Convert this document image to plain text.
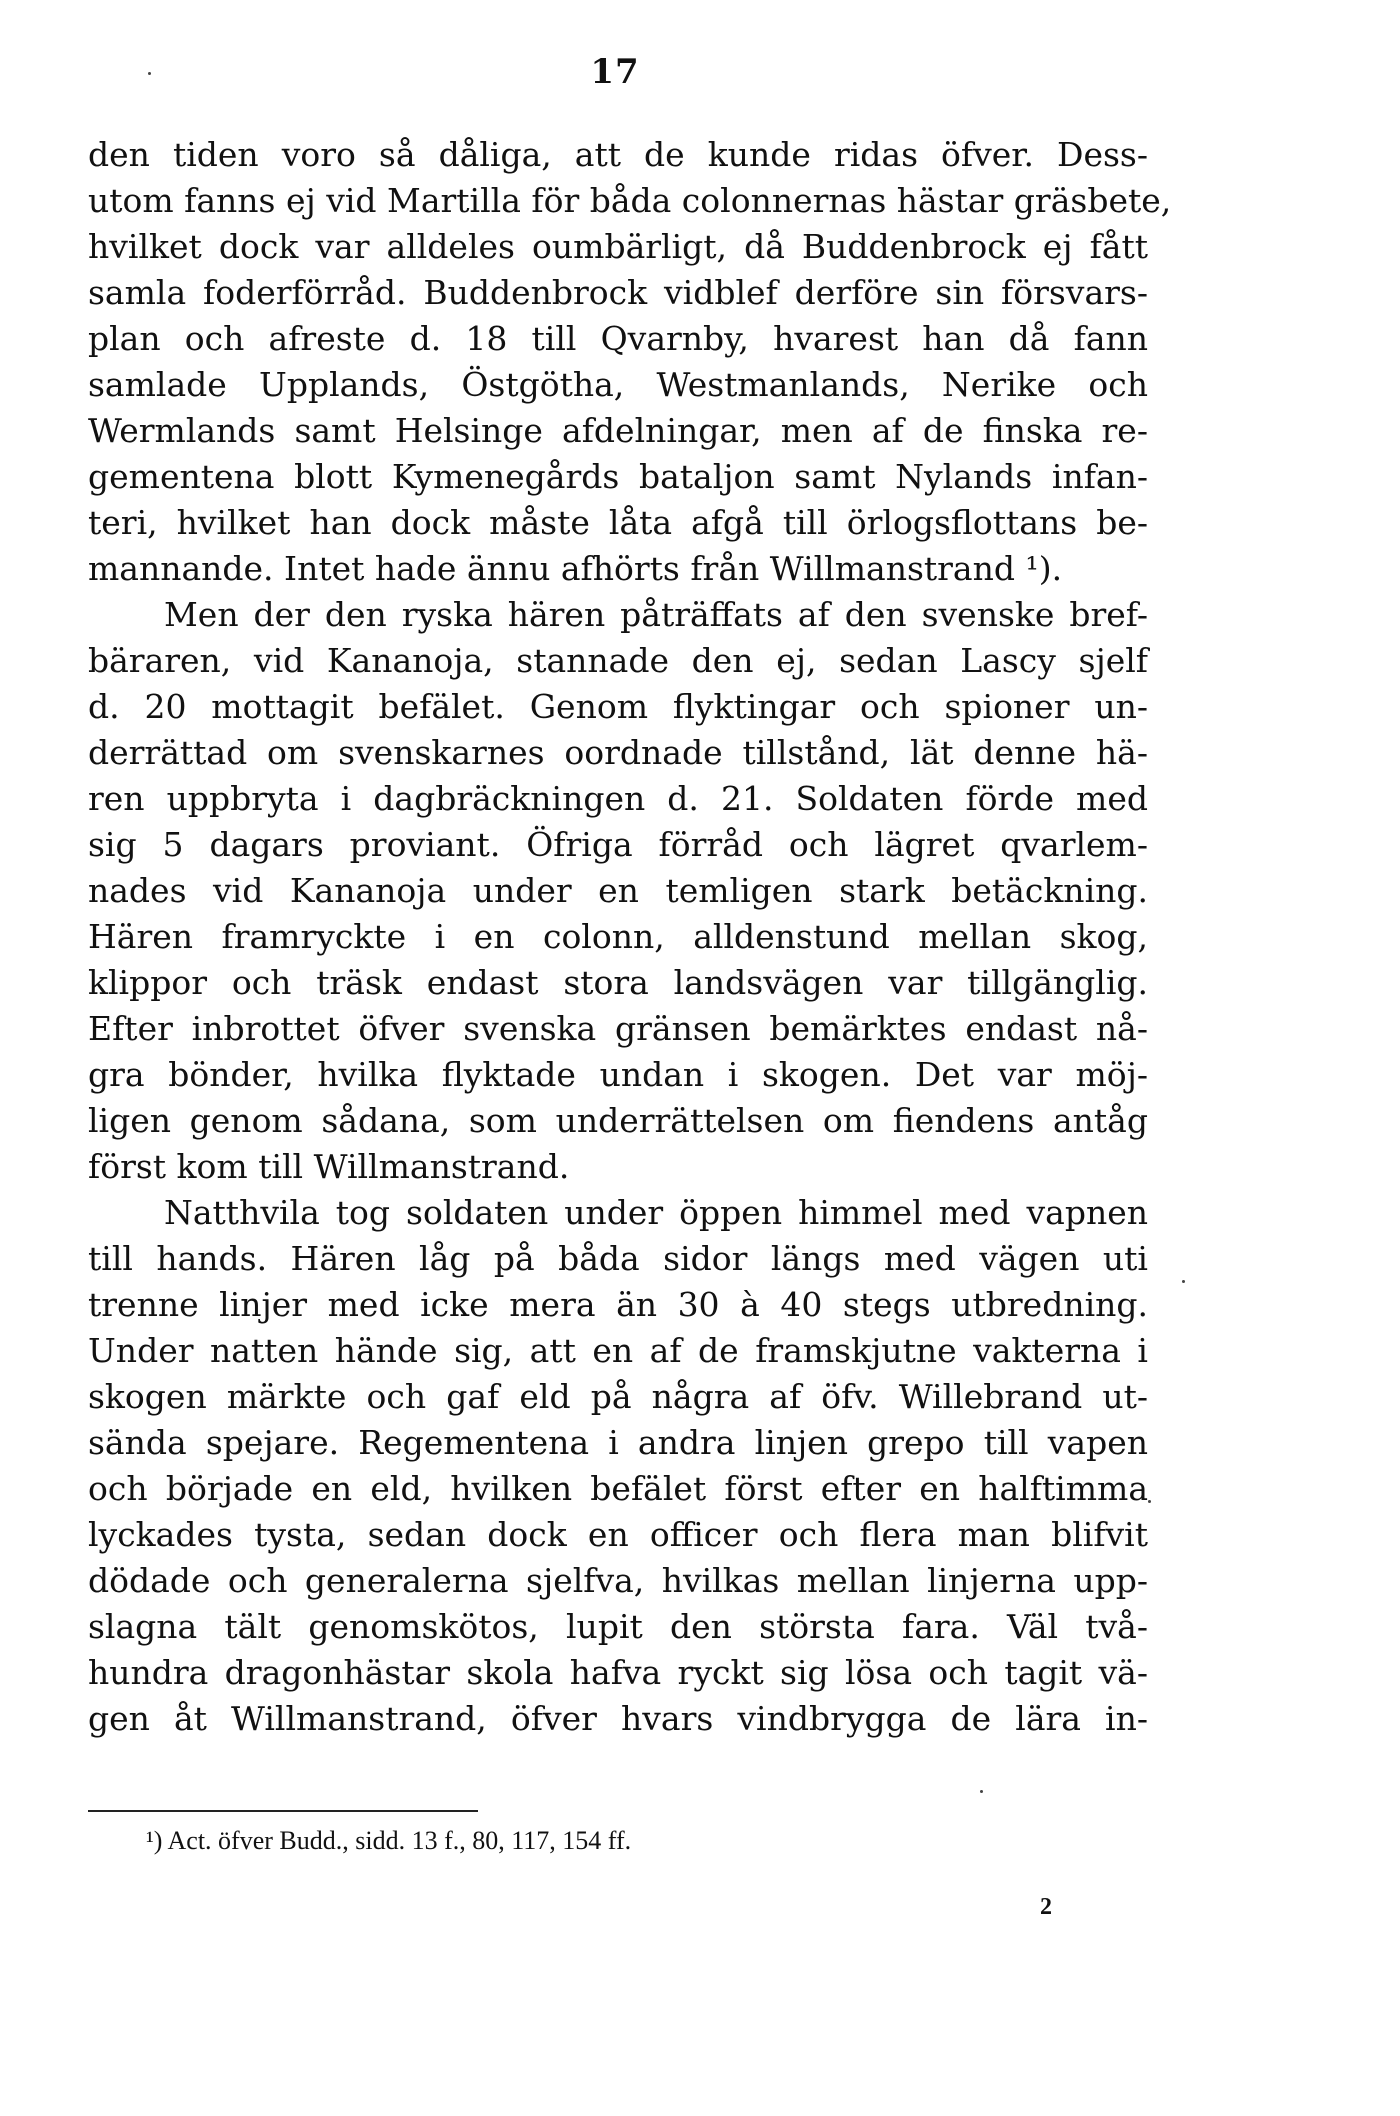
17
den tiden voro så dåliga, att de kunde ridas öfver. Dess-
utom fanns ej vid Martilla för båda colonnernas hästar gräsbete,
hvilket dock var alldeles oumbärligt, då Buddenbrock ej fått
samla foderförråd. Buddenbrock vidblef derföre sin försvars-
plan och afreste d. 18 till Qvarnby, hvarest han då fann
samlade Upplands, Östgötha, Westmanlands, Nerike och
Wermlands samt Helsinge afdelningar, men af de finska re-
gementena blott Kymenegårds bataljon samt Nylands infan-
teri, hvilket han dock måste låta afgå till örlogsflottans be-
mannande. Intet hade ännu afhörts från Willmanstrand ¹).
Men der den ryska hären påträffats af den svenske bref-
bäraren, vid Kananoja, stannade den ej, sedan Lascy sjelf
d. 20 mottagit befälet. Genom flyktingar och spioner un-
derrättad om svenskarnes oordnade tillstånd, lät denne hä-
ren uppbryta i dagbräckningen d. 21. Soldaten förde med
sig 5 dagars proviant. Öfriga förråd och lägret qvarlem-
nades vid Kananoja under en temligen stark betäckning.
Hären framryckte i en colonn, alldenstund mellan skog,
klippor och träsk endast stora landsvägen var tillgänglig.
Efter inbrottet öfver svenska gränsen bemärktes endast nå-
gra bönder, hvilka flyktade undan i skogen. Det var möj-
ligen genom sådana, som underrättelsen om fiendens antåg
först kom till Willmanstrand.
Natthvila tog soldaten under öppen himmel med vapnen
till hands. Hären låg på båda sidor längs med vägen uti
trenne linjer med icke mera än 30 à 40 stegs utbredning.
Under natten hände sig, att en af de framskjutne vakterna i
skogen märkte och gaf eld på några af öfv. Willebrand ut-
sända spejare. Regementena i andra linjen grepo till vapen
och började en eld, hvilken befälet först efter en halftimma
lyckades tysta, sedan dock en officer och flera man blifvit
dödade och generalerna sjelfva, hvilkas mellan linjerna upp-
slagna tält genomskötos, lupit den största fara. Väl två-
hundra dragonhästar skola hafva ryckt sig lösa och tagit vä-
gen åt Willmanstrand, öfver hvars vindbrygga de lära in-
¹) Act. öfver Budd., sidd. 13 f., 80, 117, 154 ff.
2
